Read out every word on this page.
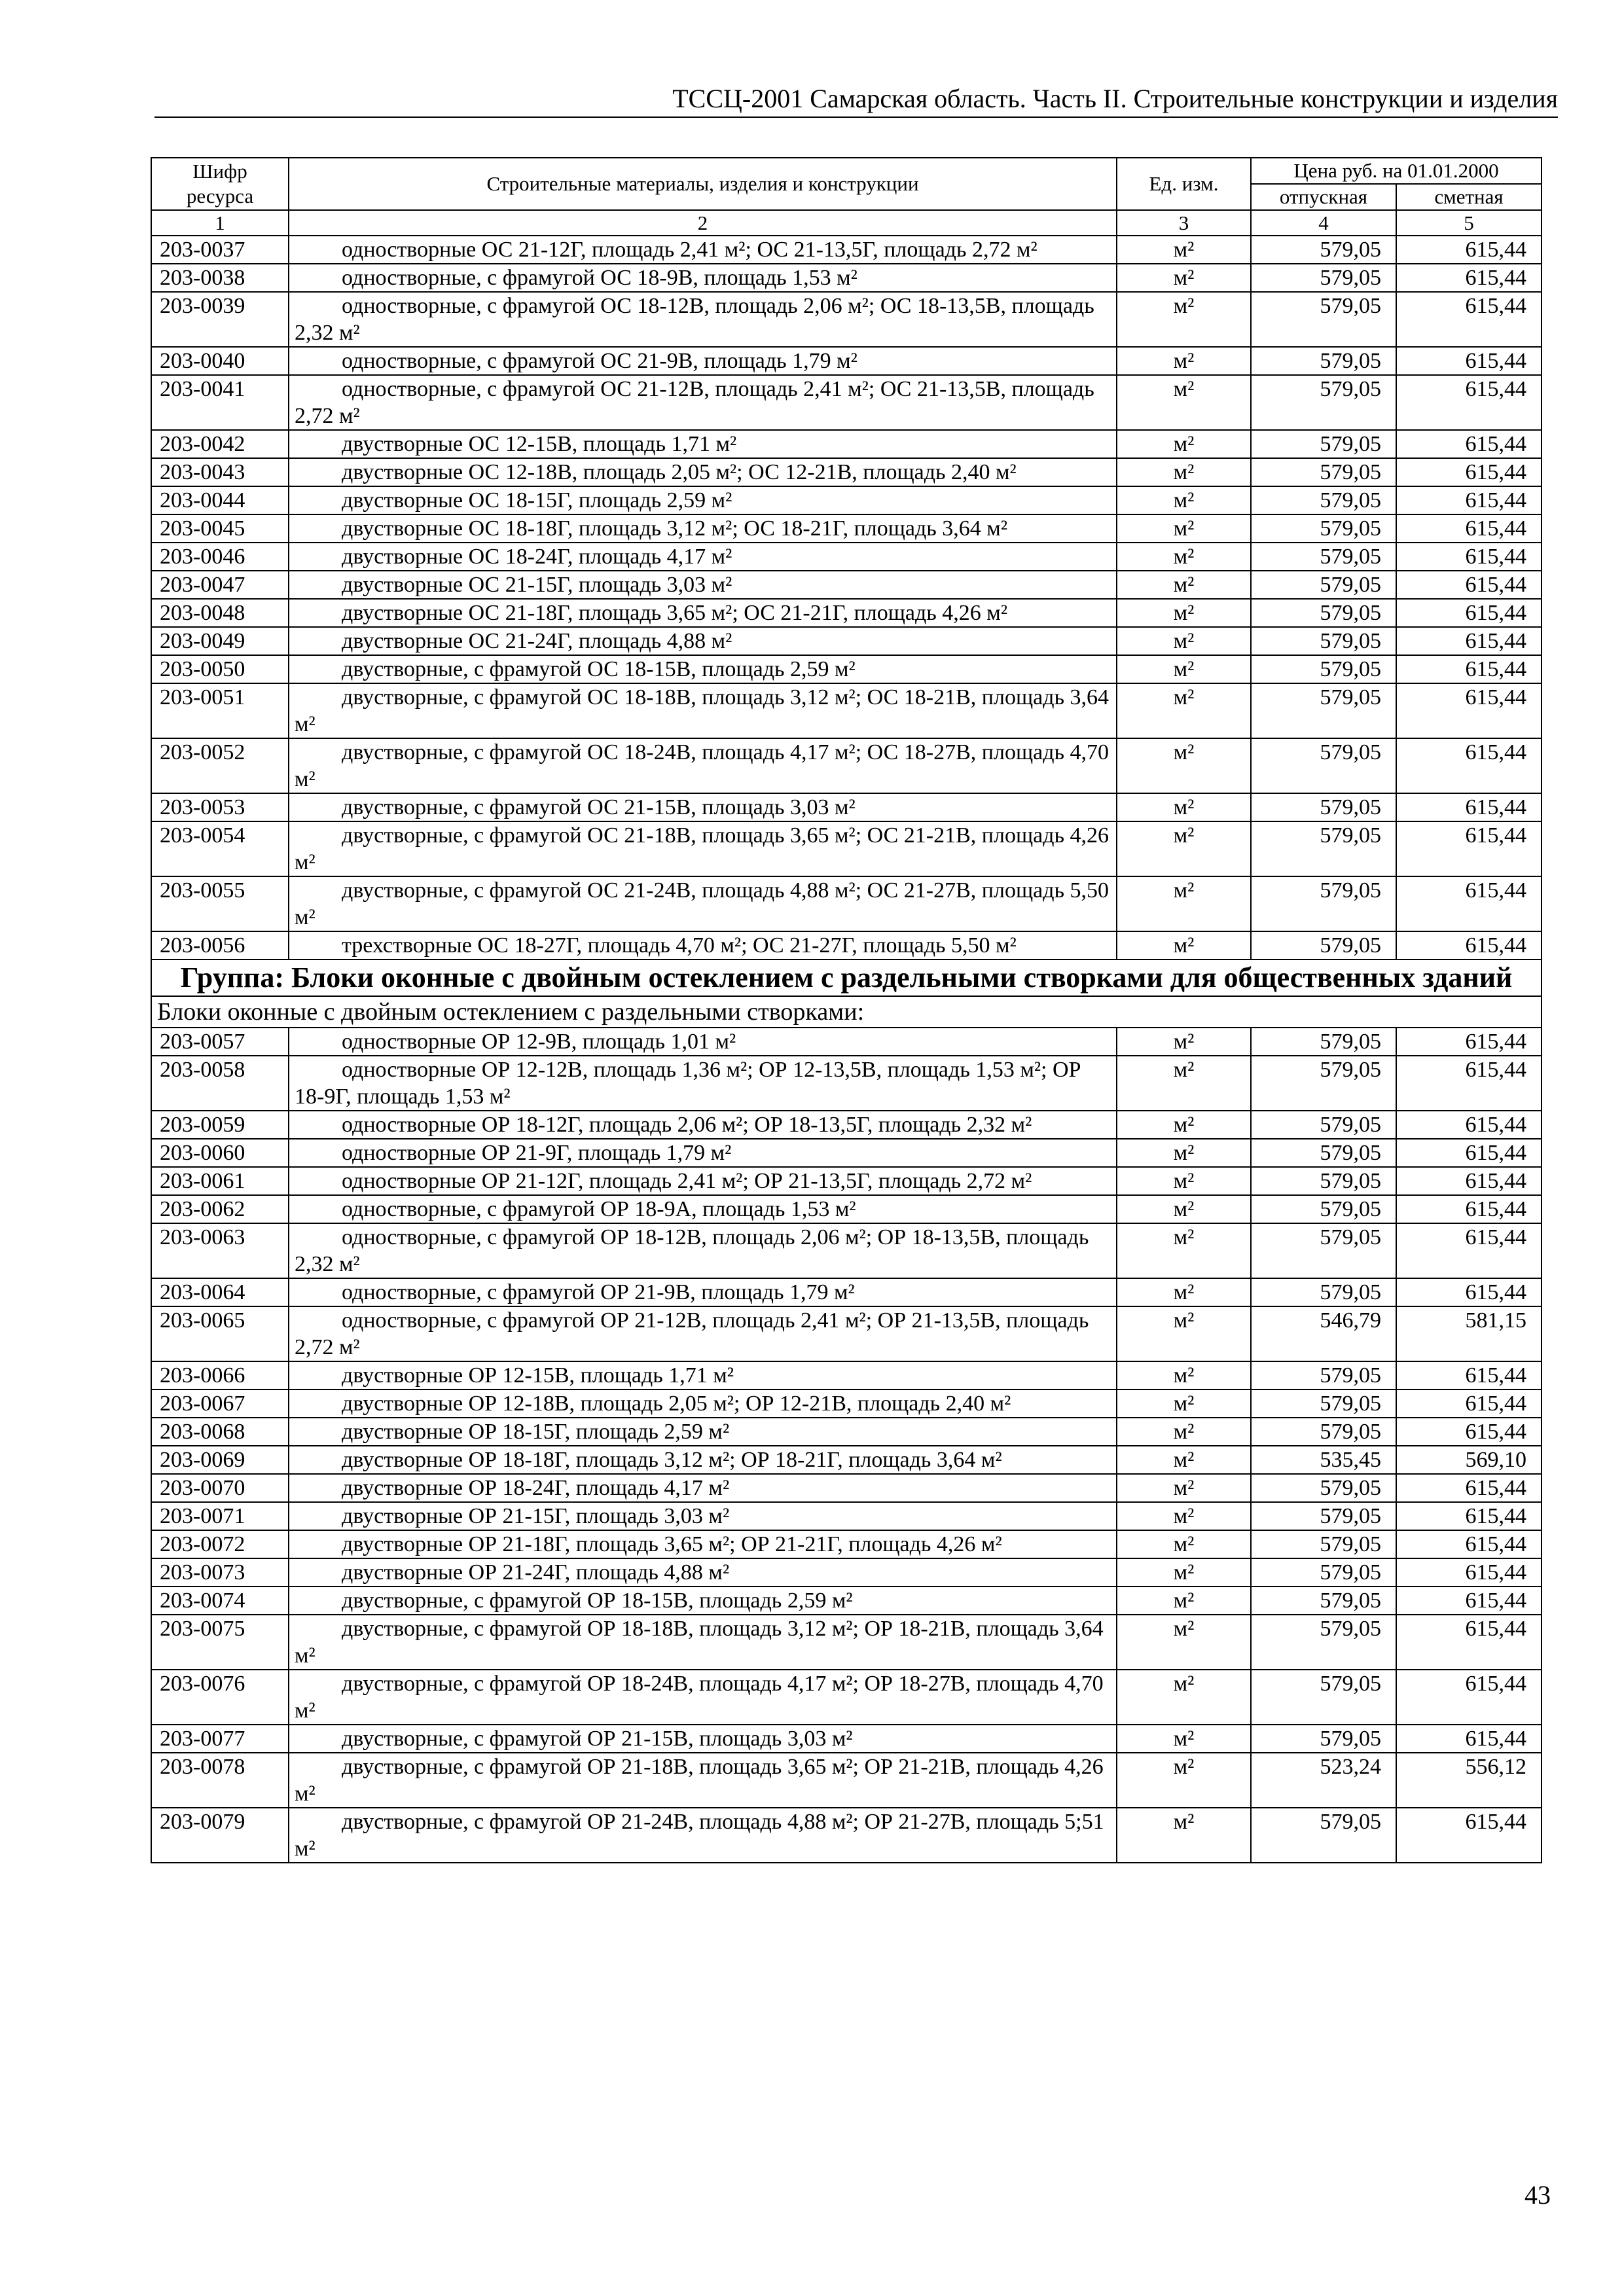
ТССЦ-2001 Самарская область. Часть II. Строительные конструкции и изделия
Шифр ресурса	Строительные материалы, изделия и конструкции	Ед. изм.	Цена руб. на 01.01.2000	
			отпускная	сметная
1	2	3	4	5
203-0037	одностворные ОС 21-12Г, площадь 2,41 м²; ОС 21-13,5Г, площадь 2,72 м²	м²	579,05	615,44
203-0038	одностворные, с фрамугой ОС 18-9В, площадь 1,53 м²	м²	579,05	615,44
203-0039	одностворные, с фрамугой ОС 18-12В, площадь 2,06 м²; ОС 18-13,5В, площадь 2,32 м²	м²	579,05	615,44
203-0040	одностворные, с фрамугой ОС 21-9В, площадь 1,79 м²	м²	579,05	615,44
203-0041	одностворные, с фрамугой ОС 21-12В, площадь 2,41 м²; ОС 21-13,5В, площадь 2,72 м²	м²	579,05	615,44
203-0042	двустворные ОС 12-15В, площадь 1,71 м²	м²	579,05	615,44
203-0043	двустворные ОС 12-18В, площадь 2,05 м²; ОС 12-21В, площадь 2,40 м²	м²	579,05	615,44
203-0044	двустворные ОС 18-15Г, площадь 2,59 м²	м²	579,05	615,44
203-0045	двустворные ОС 18-18Г, площадь 3,12 м²; ОС 18-21Г, площадь 3,64 м²	м²	579,05	615,44
203-0046	двустворные ОС 18-24Г, площадь 4,17 м²	м²	579,05	615,44
203-0047	двустворные ОС 21-15Г, площадь 3,03 м²	м²	579,05	615,44
203-0048	двустворные ОС 21-18Г, площадь 3,65 м²; ОС 21-21Г, площадь 4,26 м²	м²	579,05	615,44
203-0049	двустворные ОС 21-24Г, площадь 4,88 м²	м²	579,05	615,44
203-0050	двустворные, с фрамугой ОС 18-15В, площадь 2,59 м²	м²	579,05	615,44
203-0051	двустворные, с фрамугой ОС 18-18В, площадь 3,12 м²; ОС 18-21В, площадь 3,64 м²	м²	579,05	615,44
203-0052	двустворные, с фрамугой ОС 18-24В, площадь 4,17 м²; ОС 18-27В, площадь 4,70 м²	м²	579,05	615,44
203-0053	двустворные, с фрамугой ОС 21-15В, площадь 3,03 м²	м²	579,05	615,44
203-0054	двустворные, с фрамугой ОС 21-18В, площадь 3,65 м²; ОС 21-21В, площадь 4,26 м²	м²	579,05	615,44
203-0055	двустворные, с фрамугой ОС 21-24В, площадь 4,88 м²; ОС 21-27В, площадь 5,50 м²	м²	579,05	615,44
203-0056	трехстворные ОС 18-27Г, площадь 4,70 м²; ОС 21-27Г, площадь 5,50 м²	м²	579,05	615,44
Группа: Блоки оконные с двойным остеклением с раздельными створками для общественных зданий				
Блоки оконные с двойным остеклением с раздельными створками:				
203-0057	одностворные ОР 12-9В, площадь 1,01 м²	м²	579,05	615,44
203-0058	одностворные ОР 12-12В, площадь 1,36 м²; ОР 12-13,5В, площадь 1,53 м²; ОР 18-9Г, площадь 1,53 м²	м²	579,05	615,44
203-0059	одностворные ОР 18-12Г, площадь 2,06 м²; ОР 18-13,5Г, площадь 2,32 м²	м²	579,05	615,44
203-0060	одностворные ОР 21-9Г, площадь 1,79 м²	м²	579,05	615,44
203-0061	одностворные ОР 21-12Г, площадь 2,41 м²; ОР 21-13,5Г, площадь 2,72 м²	м²	579,05	615,44
203-0062	одностворные, с фрамугой ОР 18-9А, площадь 1,53 м²	м²	579,05	615,44
203-0063	одностворные, с фрамугой ОР 18-12В, площадь 2,06 м²; ОР 18-13,5В, площадь 2,32 м²	м²	579,05	615,44
203-0064	одностворные, с фрамугой ОР 21-9В, площадь 1,79 м²	м²	579,05	615,44
203-0065	одностворные, с фрамугой ОР 21-12В, площадь 2,41 м²; ОР 21-13,5В, площадь 2,72 м²	м²	546,79	581,15
203-0066	двустворные ОР 12-15В, площадь 1,71 м²	м²	579,05	615,44
203-0067	двустворные ОР 12-18В, площадь 2,05 м²; ОР 12-21В, площадь 2,40 м²	м²	579,05	615,44
203-0068	двустворные ОР 18-15Г, площадь 2,59 м²	м²	579,05	615,44
203-0069	двустворные ОР 18-18Г, площадь 3,12 м²; ОР 18-21Г, площадь 3,64 м²	м²	535,45	569,10
203-0070	двустворные ОР 18-24Г, площадь 4,17 м²	м²	579,05	615,44
203-0071	двустворные ОР 21-15Г, площадь 3,03 м²	м²	579,05	615,44
203-0072	двустворные ОР 21-18Г, площадь 3,65 м²; ОР 21-21Г, площадь 4,26 м²	м²	579,05	615,44
203-0073	двустворные ОР 21-24Г, площадь 4,88 м²	м²	579,05	615,44
203-0074	двустворные, с фрамугой ОР 18-15В, площадь 2,59 м²	м²	579,05	615,44
203-0075	двустворные, с фрамугой ОР 18-18В, площадь 3,12 м²; ОР 18-21В, площадь 3,64 м²	м²	579,05	615,44
203-0076	двустворные, с фрамугой ОР 18-24В, площадь 4,17 м²; ОР 18-27В, площадь 4,70 м²	м²	579,05	615,44
203-0077	двустворные, с фрамугой ОР 21-15В, площадь 3,03 м²	м²	579,05	615,44
203-0078	двустворные, с фрамугой ОР 21-18В, площадь 3,65 м²; ОР 21-21В, площадь 4,26 м²	м²	523,24	556,12
203-0079	двустворные, с фрамугой ОР 21-24В, площадь 4,88 м²; ОР 21-27В, площадь 5;51 м²	м²	579,05	615,44
43
